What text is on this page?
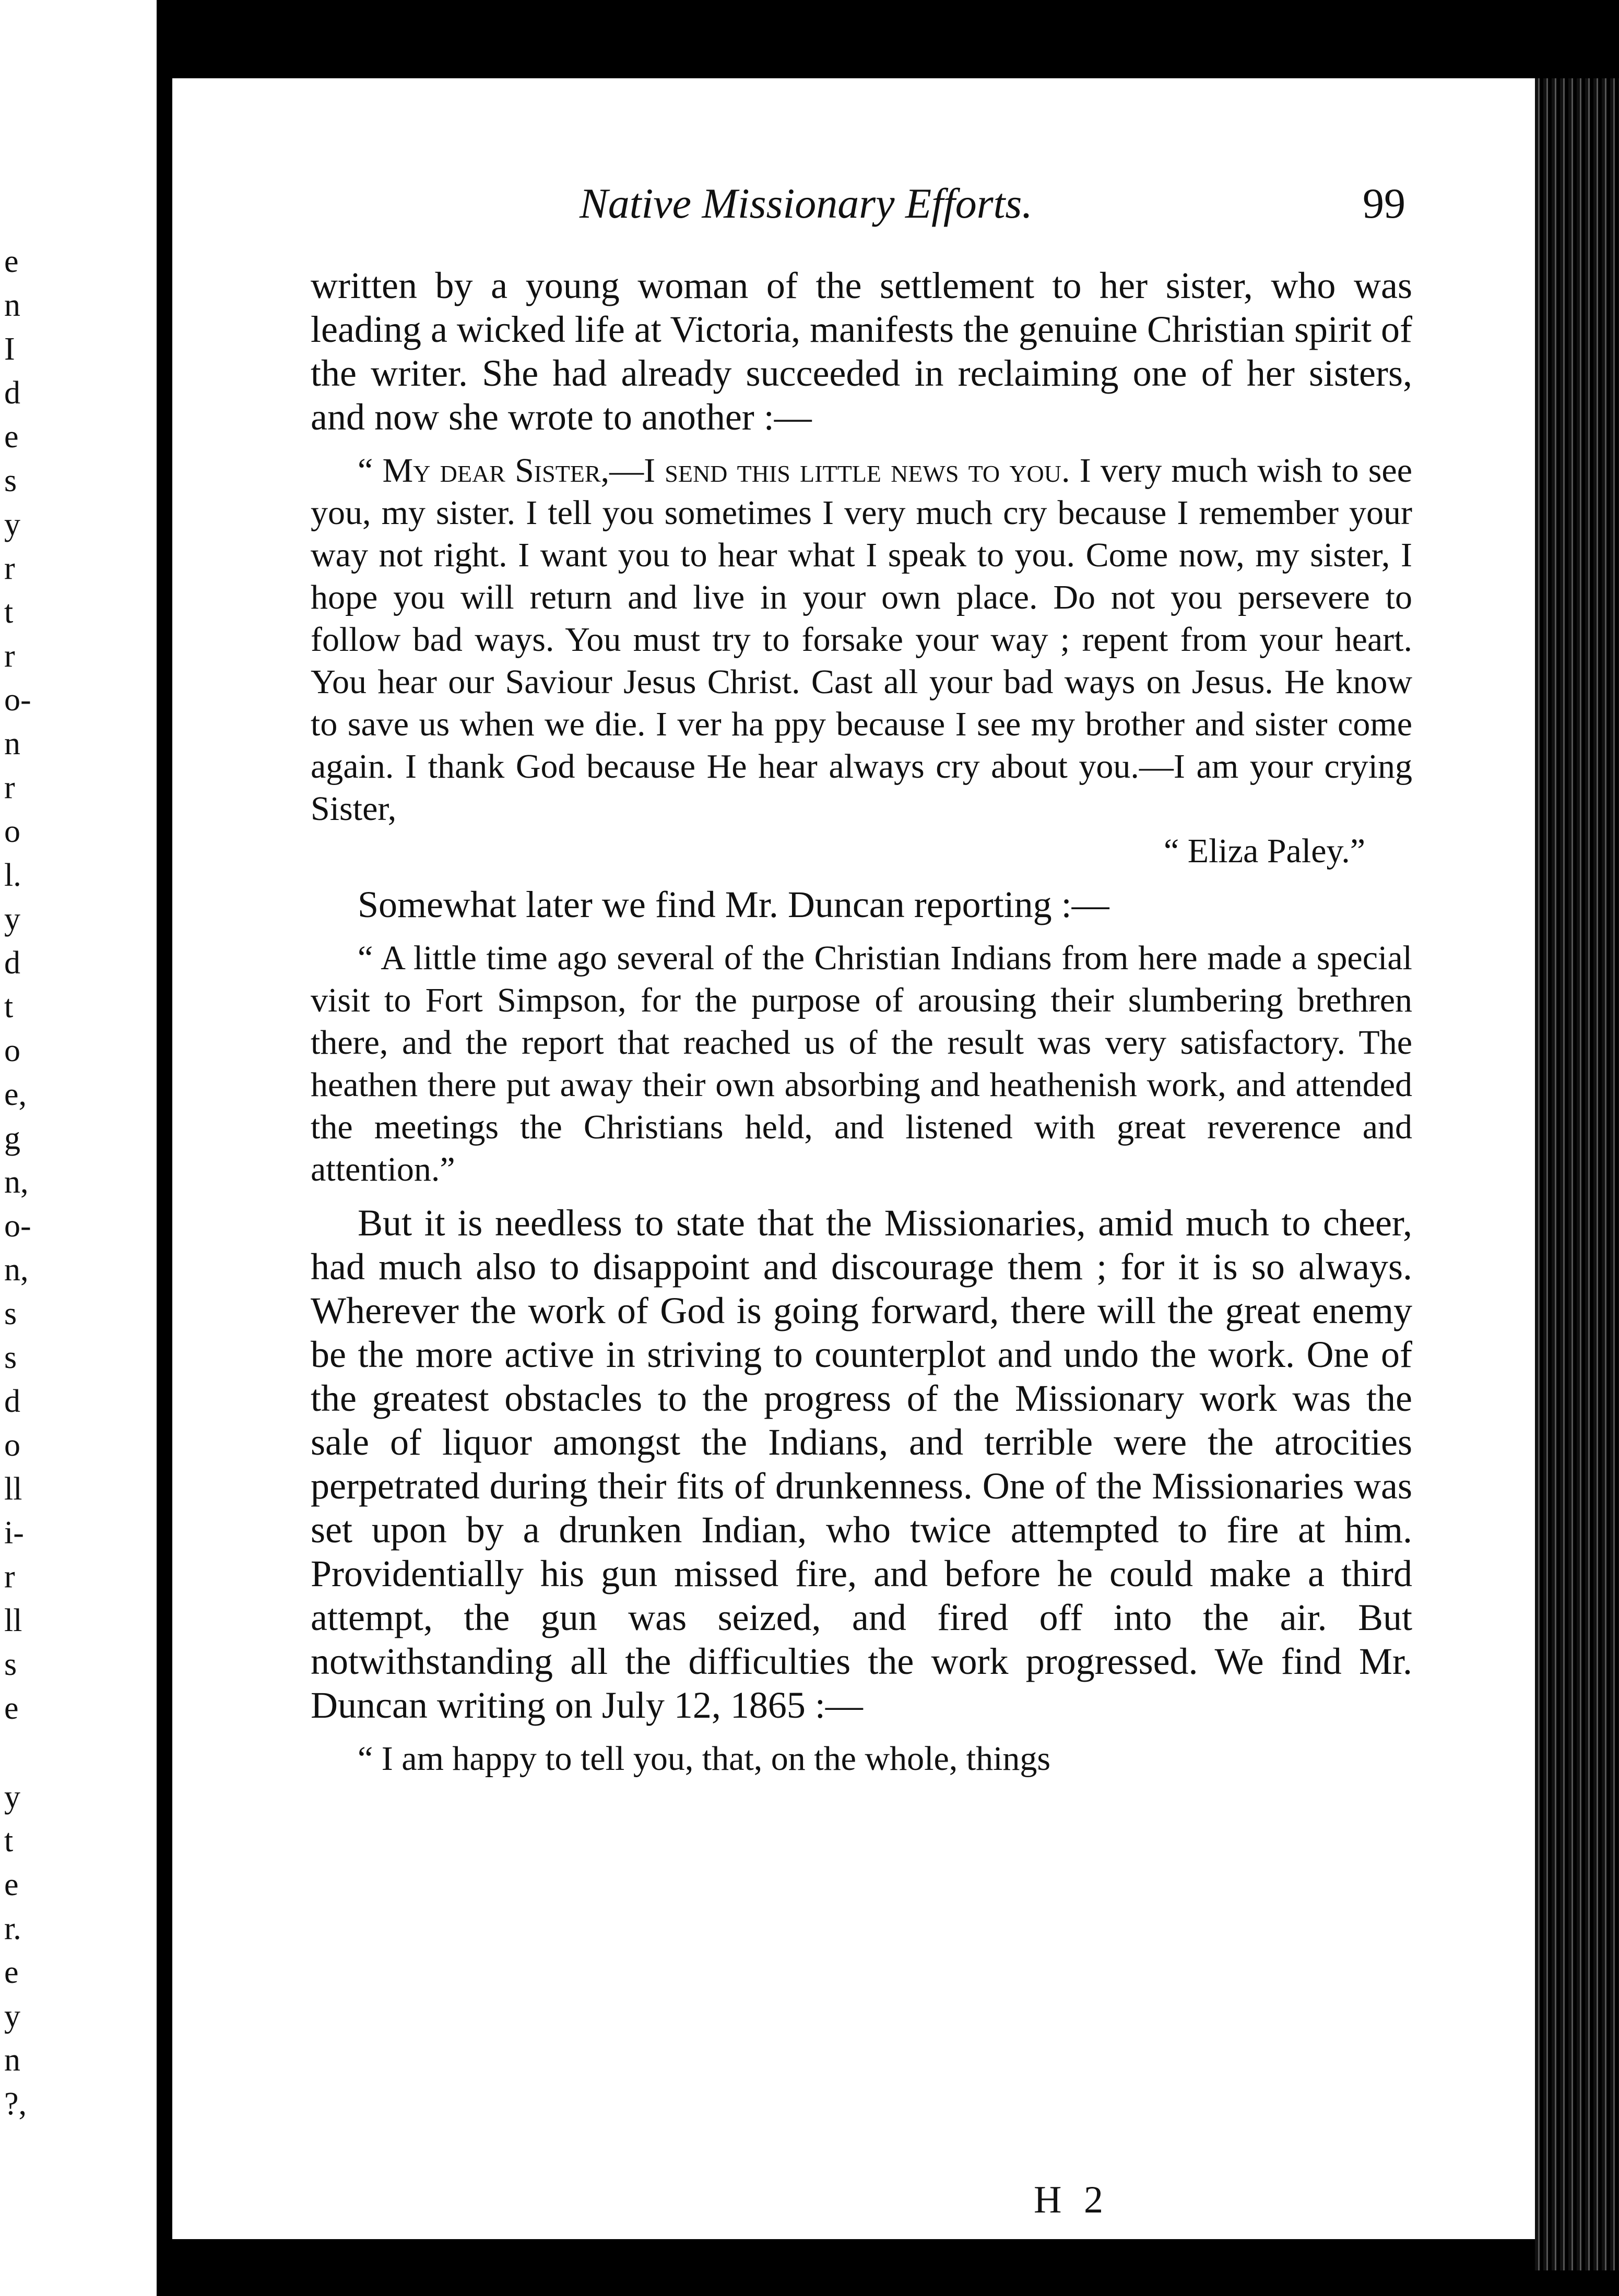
e
n
I
d
e
s
y
r
t
r
o-
n
r
o
l.
y
d
t
o
e,
g
n,
o-
n,
s
s
d
o
ll
i-
r
ll
s
e
y
t
e
r.
e
y
n
?,
Native Missionary Efforts.	99

written by a young woman of the settlement to her sister, who was leading a wicked life at Victoria, manifests the genuine Christian spirit of the writer. She had already succeeded in reclaiming one of her sisters, and now she wrote to another :—

“ My dear Sister,—I send this little news to you. I very much wish to see you, my sister. I tell you sometimes I very much cry because I remember your way not right. I want you to hear what I speak to you. Come now, my sister, I hope you will return and live in your own place. Do not you persevere to follow bad ways. You must try to forsake your way ; repent from your heart. You hear our Saviour Jesus Christ. Cast all your bad ways on Jesus. He know to save us when we die. I ver ha ppy because I see my brother and sister come again. I thank God because He hear always cry about you.—I am your crying Sister,

“ Eliza Paley.”

Somewhat later we find Mr. Duncan reporting :—

“ A little time ago several of the Christian Indians from here made a special visit to Fort Simpson, for the purpose of arousing their slumbering brethren there, and the report that reached us of the result was very satisfactory. The heathen there put away their own absorbing and heathenish work, and attended the meetings the Christians held, and listened with great reverence and attention.”

But it is needless to state that the Missionaries, amid much to cheer, had much also to disappoint and discourage them ; for it is so always. Wherever the work of God is going forward, there will the great enemy be the more active in striving to counterplot and undo the work. One of the greatest obstacles to the progress of the Missionary work was the sale of liquor amongst the Indians, and terrible were the atrocities perpetrated during their fits of drunkenness. One of the Missionaries was set upon by a drunken Indian, who twice attempted to fire at him. Providentially his gun missed fire, and before he could make a third attempt, the gun was seized, and fired off into the air. But notwithstanding all the difficulties the work progressed. We find Mr. Duncan writing on July 12, 1865 :—

“ I am happy to tell you, that, on the whole, things

H 2
